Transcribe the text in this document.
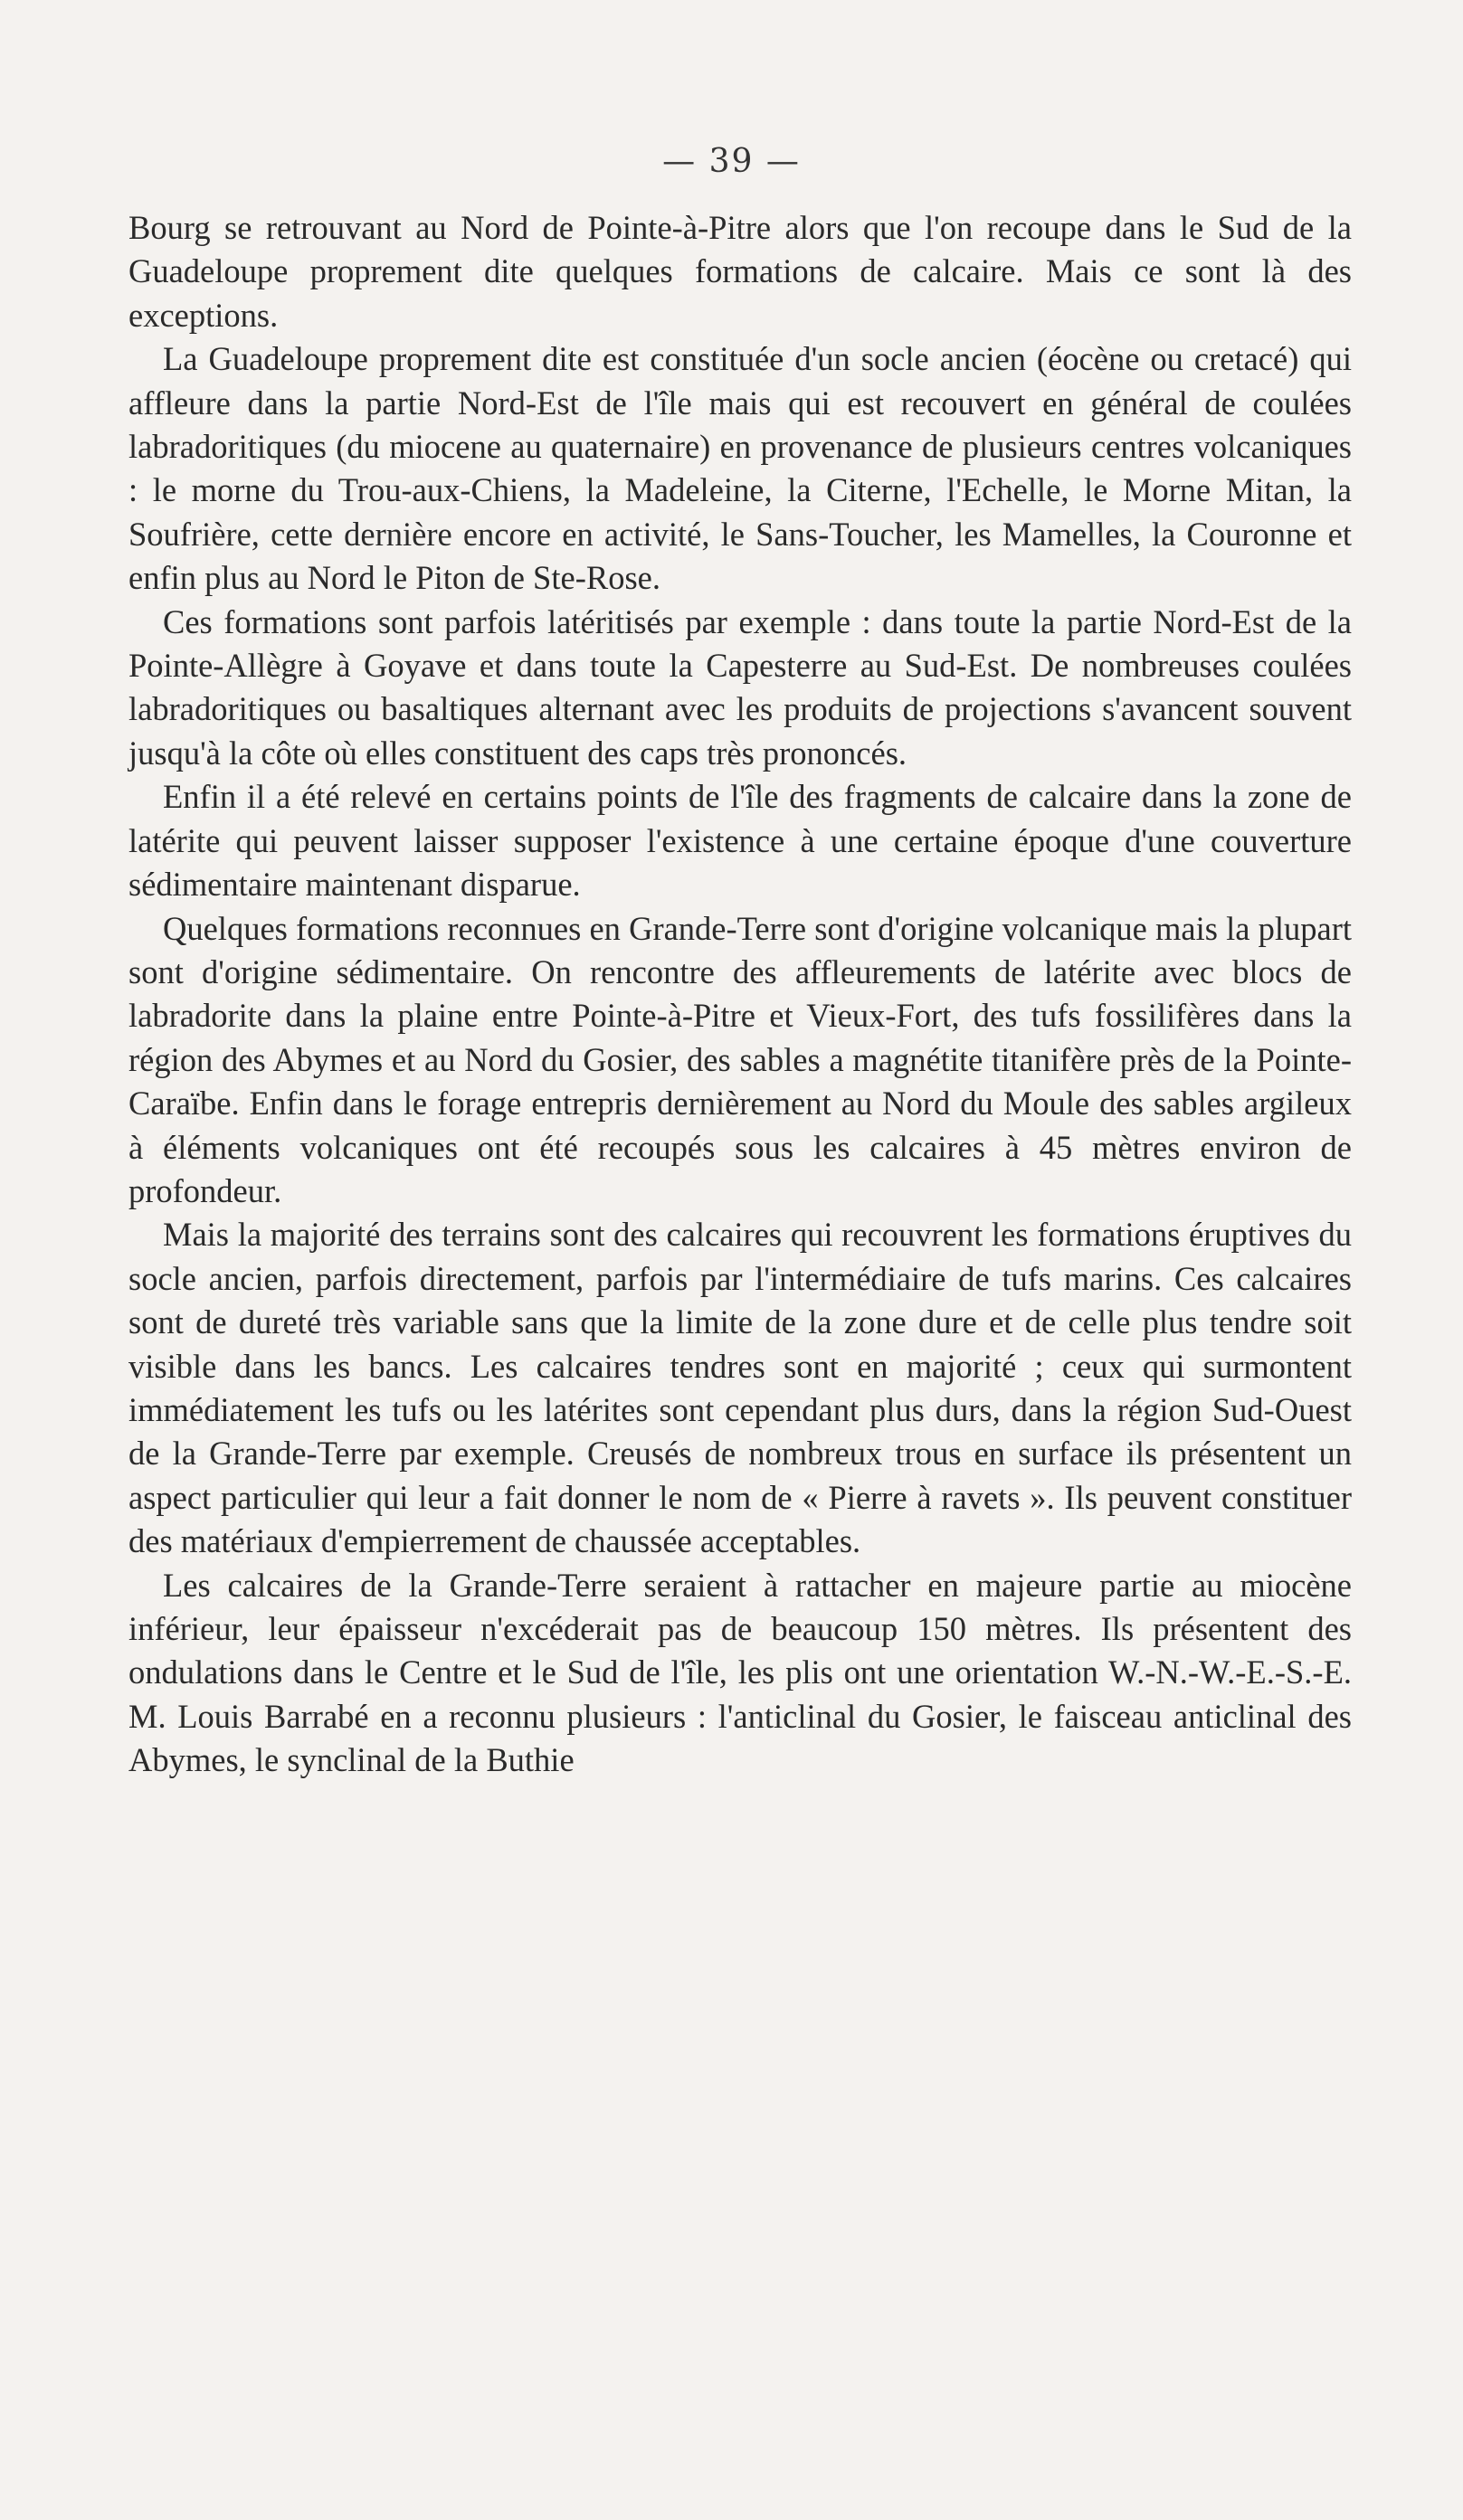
— 39 —

Bourg se retrouvant au Nord de Pointe-à-Pitre alors que l'on recoupe dans le Sud de la Guadeloupe proprement dite quelques formations de calcaire. Mais ce sont là des exceptions.

La Guadeloupe proprement dite est constituée d'un socle ancien (éocène ou cretacé) qui affleure dans la partie Nord-Est de l'île mais qui est recouvert en général de coulées labradoritiques (du miocene au quaternaire) en provenance de plusieurs centres volcaniques : le morne du Trou-aux-Chiens, la Madeleine, la Citerne, l'Echelle, le Morne Mitan, la Soufrière, cette dernière encore en activité, le Sans-Toucher, les Mamelles, la Couronne et enfin plus au Nord le Piton de Ste-Rose.

Ces formations sont parfois latéritisés par exemple : dans toute la partie Nord-Est de la Pointe-Allègre à Goyave et dans toute la Capesterre au Sud-Est. De nombreuses coulées labradoritiques ou basaltiques alternant avec les produits de projections s'avancent souvent jusqu'à la côte où elles constituent des caps très prononcés.

Enfin il a été relevé en certains points de l'île des fragments de calcaire dans la zone de latérite qui peuvent laisser supposer l'existence à une certaine époque d'une couverture sédimentaire maintenant disparue.

Quelques formations reconnues en Grande-Terre sont d'origine volcanique mais la plupart sont d'origine sédimentaire. On rencontre des affleurements de latérite avec blocs de labradorite dans la plaine entre Pointe-à-Pitre et Vieux-Fort, des tufs fossilifères dans la région des Abymes et au Nord du Gosier, des sables a magnétite titanifère près de la Pointe-Caraïbe. Enfin dans le forage entrepris dernièrement au Nord du Moule des sables argileux à éléments volcaniques ont été recoupés sous les calcaires à 45 mètres environ de profondeur.

Mais la majorité des terrains sont des calcaires qui recouvrent les formations éruptives du socle ancien, parfois directement, parfois par l'intermédiaire de tufs marins. Ces calcaires sont de dureté très variable sans que la limite de la zone dure et de celle plus tendre soit visible dans les bancs. Les calcaires tendres sont en majorité ; ceux qui surmontent immédiatement les tufs ou les latérites sont cependant plus durs, dans la région Sud-Ouest de la Grande-Terre par exemple. Creusés de nombreux trous en surface ils présentent un aspect particulier qui leur a fait donner le nom de « Pierre à ravets ». Ils peuvent constituer des matériaux d'empierrement de chaussée acceptables.

Les calcaires de la Grande-Terre seraient à rattacher en majeure partie au miocène inférieur, leur épaisseur n'excéderait pas de beaucoup 150 mètres. Ils présentent des ondulations dans le Centre et le Sud de l'île, les plis ont une orientation W.-N.-W.-E.-S.-E. M. Louis Barrabé en a reconnu plusieurs : l'anticlinal du Gosier, le faisceau anticlinal des Abymes, le synclinal de la Buthie
